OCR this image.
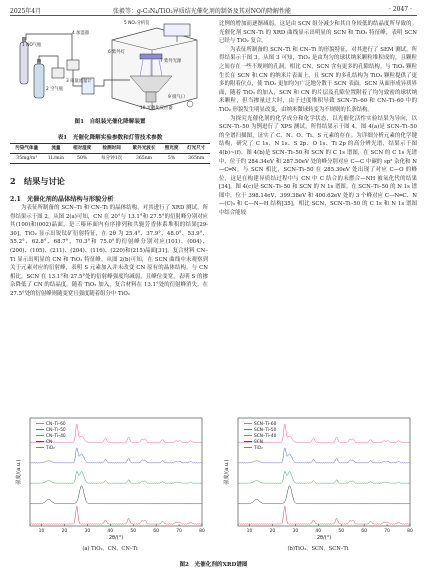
2025年4月	张毅等：g-C₃N₄/TiO₂异质结光催化剂的制备及其对NO的降解性能	· 2047 ·
1 NO气瓶
2 空气瓶
3 质量流量计
4 加湿器
5 NOₓ分析仪
6 紫外灯
7 紫外光源
9 排气口
10 光催化反应器
图1　自组装光催化降解装置
表1　光催化降解实验参数和灯管技术参数
污染气体量	流量	相对湿度	检测时间	紫外光波长	照光度	灯光尺寸
35mg/m³	1L/min	50%	每分钟1次	365nm	5%	365nm
2　结果与讨论
2.1　光催化剂的晶体结构与形貌分析

为表征所制备的 SCN–Ti 和 CN–Ti 的晶体结构，对其进行了 XRD 测试，所得结果示于图 2。从图 2(a)可知，CN 在 20°与 13.1°和 27.5°的衍射峰分别对应其(100)和(002)晶面，是三嗪环面内有序排列和共轭芳香体系堆积的结果[29-30]。TiO₂ 显示出锐钛矿衍射特征，在 2θ 为 25.4°、37.9°、48.0°、53.9°、55.2°、62.8°、68.7°、70.3°和 75.0°的衍射峰分别对应(101)、(004)、(200)、(105)、(211)、(204)、(116)、(220)和(215)晶面[31]。复合材料 CN–Ti 显示出明显的 CN 和 TiO₂ 特征峰。从图 2(b)可知，在 SCN 曲线中未观察到关于元素对应的衍射峰，表明 S 元素加入并未改变 CN 原有的晶体结构。与 CN 相比，SCN 在 13.1°和 27.5°处的衍射峰强度均减弱，且峰位变宽。表明 S 的掺杂降低了 CN 的结晶度。随着 TiO₂ 加入，复合材料在 13.1°处的衍射峰消失，在 27.5°处的衍射峰则随变宽且强度随着组分中 TiO₂

比例的增加而逐渐减弱。这是由 SCN 组分减少和其自身较低的结晶度所导致的。光催化剂 SCN–Ti 的 XRD 曲线显示出明显的 SCN 和 TiO₂ 特征峰，表明 SCN 已经与 TiO₂ 复合。

为表征所制备的 SCN–Ti 和 CN–Ti 的形貌特征，对其进行了 SEM 测试，所得结果示于图 3。从图 3 可知，TiO₂ 是由均匀的球状纳米颗粒堆积成的，且颗粒之间存在一些不规则的孔洞。相比 CN，SCN 含有更多的孔隙结构。与 TiO₂ 颗粒生长在 SCN 和 CN 的纳米片表面上，且 SCN 的多孔结构为 TiO₂ 颗粒提供了更多的附着位点，使 TiO₂ 更加均匀广泛地分散于 SCN 表面。SCN 从面形成异质界面，随着 TiO₂ 的加入，SCN 和 CN 的片层及孔隙位置附着了均匀致密的球状纳米颗粒，但当掺量过大时，由于过度堆积导致 SCN–Ti–60 和 CN–Ti–60 中的 TiO₂ 形貌发生明显改变，由纳米微球转变为不规则的长条结构。

为探究光催化剂的化学成分和化学状态，以光催化活性实验结果为导向，以 SCN–Ti–50 为例进行了 XPS 测试，所得结果示于图 4。图 4(a)是 SCN–Ti–50 的全谱扫描图，证实了 C、N、O、Ti、S 元素的存在。为详细分析元素的化学键结构，研究了 C 1s、N 1s、S 2p、O 1s、Ti 2p 的高分辨光谱，结果示于图 4(b)~(f)。图 4(b)是 SCN–Ti–50 和 SCN 的 C 1s 谱图，在 SCN 的 C 1s 光谱中，位于约 284.34eV 和 287.50eV 处的峰分别对应 C—C 中碳的 sp² 杂化和 N—C═N。与 SCN 相比，SCN–Ti–50 在 285.30eV 处出现了对应 C—O 的峰位，这是在构建异质结过程中与 CN 中 C 结合的未燃合—NH 被氧化代的结果[34]。图 4(c)是 SCN–Ti–50 和 SCN 的 N 1s 谱图。在 SCN–Ti–50 的 N 1s 谱图中，位于 398.14eV、399.38eV 和 400.62eV 处的 3 个峰对应 C—N═C、N—(C)₃ 和 C—N—H 结构[35]，相比 SCN，SCN–Ti–50 的 C 1s 和 N 1s 谱图中结合能较

10	20	30	40	50	60	70	80
2θ/(°)
强度/(a.u.)
CN–Ti–60
CN–Ti–50
CN–Ti–40
CN
TiO₂
10	20	30	40	50	60	70	80
2θ/(°)
强度/(a.u.)
SCN–Ti–60
SCN–Ti–50
SCN–Ti–40
SCN
TiO₂
(a) TiO₂、CN、CN–Ti	(b)TiO₂、SCN、SCN–Ti
图2　光催化剂的XRD谱图
